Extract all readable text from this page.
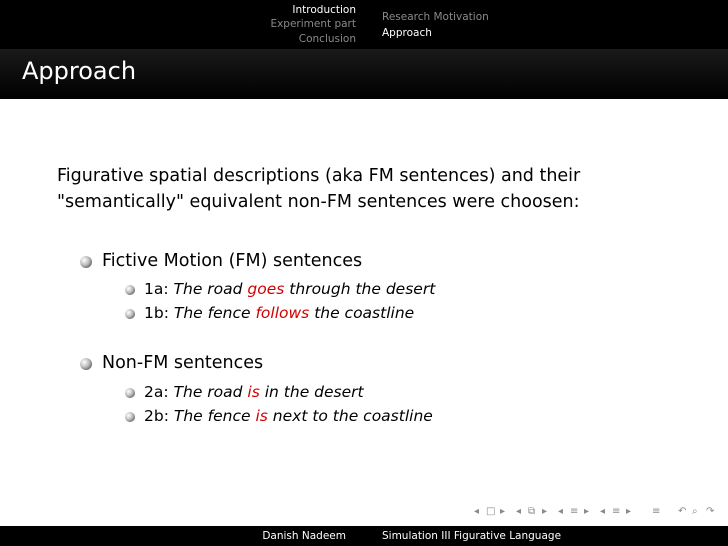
Introduction
Experiment part
Conclusion
Research Motivation
Approach
Approach
Figurative spatial descriptions (aka FM sentences) and their
"semantically" equivalent non-FM sentences were choosen:
Fictive Motion (FM) sentences
1a: The road goes through the desert
1b: The fence follows the coastline
Non-FM sentences
2a: The road is in the desert
2b: The fence is next to the coastline
◂ □ ▸ ◂ ⧉ ▸ ◂ ≡ ▸ ◂ ≡ ▸ ≡ ↶ ⌕ ↷
Danish Nadeem	Simulation III Figurative Language
